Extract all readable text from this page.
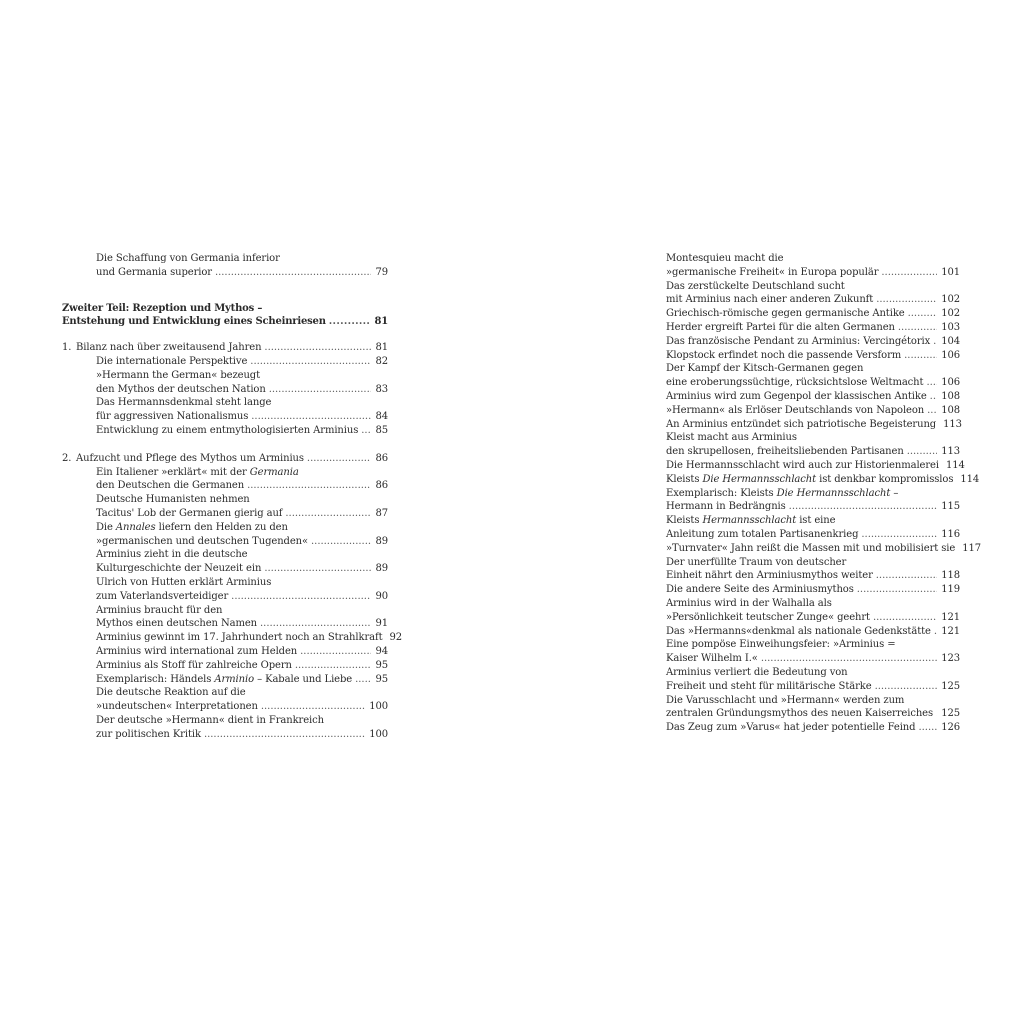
Die Schaffung von Germania inferior
und Germania superior . . .	79
Zweiter Teil: Rezeption und Mythos –
Entstehung und Entwicklung eines Scheinriesen . . .	81
1. Bilanz nach über zweitausend Jahren . . .	81
Die internationale Perspektive . . .	82
»Hermann the German« bezeugt
den Mythos der deutschen Nation . . .	83
Das Hermannsdenkmal steht lange
für aggressiven Nationalismus . . .	84
Entwicklung zu einem entmythologisierten Arminius . . . 85
2. Aufzucht und Pflege des Mythos um Arminius . . .	86
Ein Italiener »erklärt« mit der Germania
den Deutschen die Germanen . . .	86
Deutsche Humanisten nehmen
Tacitus' Lob der Germanen gierig auf . . .	87
Die Annales liefern den Helden zu den
»germanischen und deutschen Tugenden« . . .	89
Arminius zieht in die deutsche
Kulturgeschichte der Neuzeit ein . . .	89
Ulrich von Hutten erklärt Arminius
zum Vaterlandsverteidiger . . .	90
Arminius braucht für den
Mythos einen deutschen Namen . . .	91
Arminius gewinnt im 17. Jahrhundert noch an Strahlkraft 92
Arminius wird international zum Helden . . .	94
Arminius als Stoff für zahlreiche Opern . . .	95
Exemplarisch: Händels Arminio – Kabale und Liebe . . . 95
Die deutsche Reaktion auf die
»undeutschen« Interpretationen . . .	100
Der deutsche »Hermann« dient in Frankreich
zur politischen Kritik . . .	100
Montesquieu macht die
»germanische Freiheit« in Europa populär . . .	101
Das zerstückelte Deutschland sucht
mit Arminius nach einer anderen Zukunft . . .	102
Griechisch-römische gegen germanische Antike . . .	102
Herder ergreift Partei für die alten Germanen . . .	103
Das französische Pendant zu Arminius: Vercingétorix . . . 104
Klopstock erfindet noch die passende Versform . . .	106
Der Kampf der Kitsch-Germanen gegen
eine eroberungssüchtige, rücksichtslose Weltmacht . . . 106
Arminius wird zum Gegenpol der klassischen Antike . . . 108
»Hermann« als Erlöser Deutschlands von Napoleon . . . 108
An Arminius entzündet sich patriotische Begeisterung 113
Kleist macht aus Arminius
den skrupellosen, freiheitsliebenden Partisanen . . .	113
Die Hermannsschlacht wird auch zur Historienmalerei 114
Kleists Die Hermannsschlacht ist denkbar kompromisslos 114
Exemplarisch: Kleists Die Hermannsschlacht –
Hermann in Bedrängnis . . .	115
Kleists Hermannsschlacht ist eine
Anleitung zum totalen Partisanenkrieg . . .	116
»Turnvater« Jahn reißt die Massen mit und mobilisiert sie 117
Der unerfüllte Traum von deutscher
Einheit nährt den Arminiusmythos weiter . . .	118
Die andere Seite des Arminiusmythos . . .	119
Arminius wird in der Walhalla als
»Persönlichkeit teutscher Zunge« geehrt . . .	121
Das »Hermanns«denkmal als nationale Gedenkstätte . . . 121
Eine pompöse Einweihungsfeier: »Arminius =
Kaiser Wilhelm I.« . . .	123
Arminius verliert die Bedeutung von
Freiheit und steht für militärische Stärke . . .	125
Die Varusschlacht und »Hermann« werden zum
zentralen Gründungsmythos des neuen Kaiserreiches . . . 125
Das Zeug zum »Varus« hat jeder potentielle Feind . . .	126
